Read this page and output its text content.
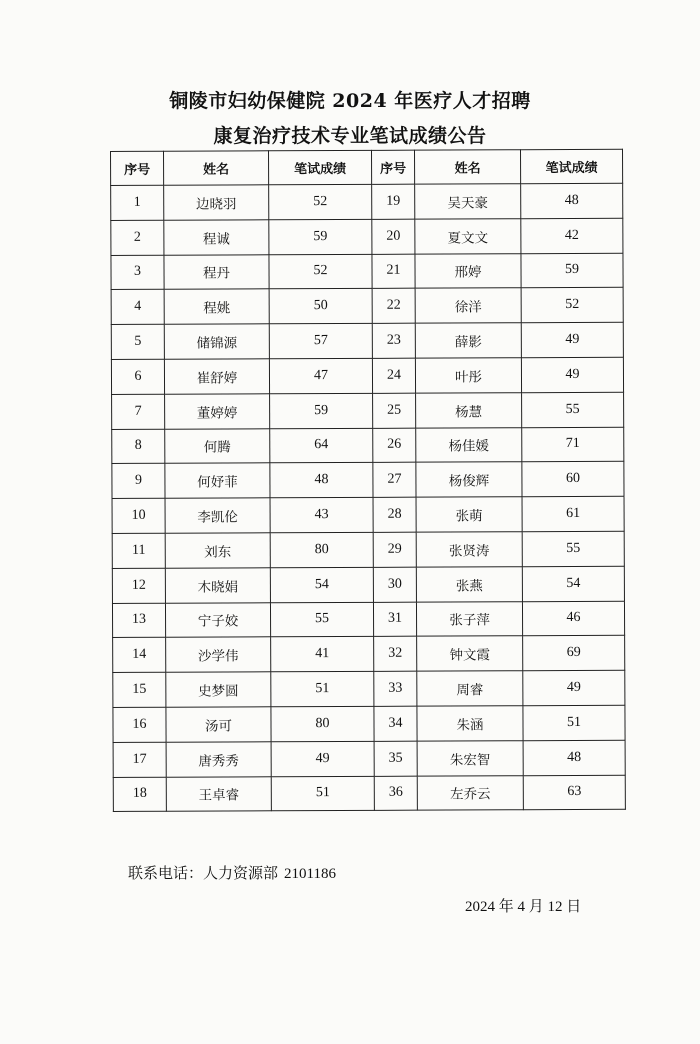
铜陵市妇幼保健院 2024 年医疗人才招聘
康复治疗技术专业笔试成绩公告
序号	姓名	笔试成绩	序号	姓名	笔试成绩
1	边晓羽	52	19	吴天豪	48
2	程诚	59	20	夏文文	42
3	程丹	52	21	邢婷	59
4	程姚	50	22	徐洋	52
5	储锦源	57	23	薛影	49
6	崔舒婷	47	24	叶彤	49
7	董婷婷	59	25	杨慧	55
8	何腾	64	26	杨佳媛	71
9	何妤菲	48	27	杨俊辉	60
10	李凯伦	43	28	张萌	61
11	刘东	80	29	张贤涛	55
12	木晓娟	54	30	张燕	54
13	宁子姣	55	31	张子萍	46
14	沙学伟	41	32	钟文霞	69
15	史梦圆	51	33	周睿	49
16	汤可	80	34	朱涵	51
17	唐秀秀	49	35	朱宏智	48
18	王卓睿	51	36	左乔云	63
联系电话：人力资源部 2101186
2024 年 4 月 12 日
